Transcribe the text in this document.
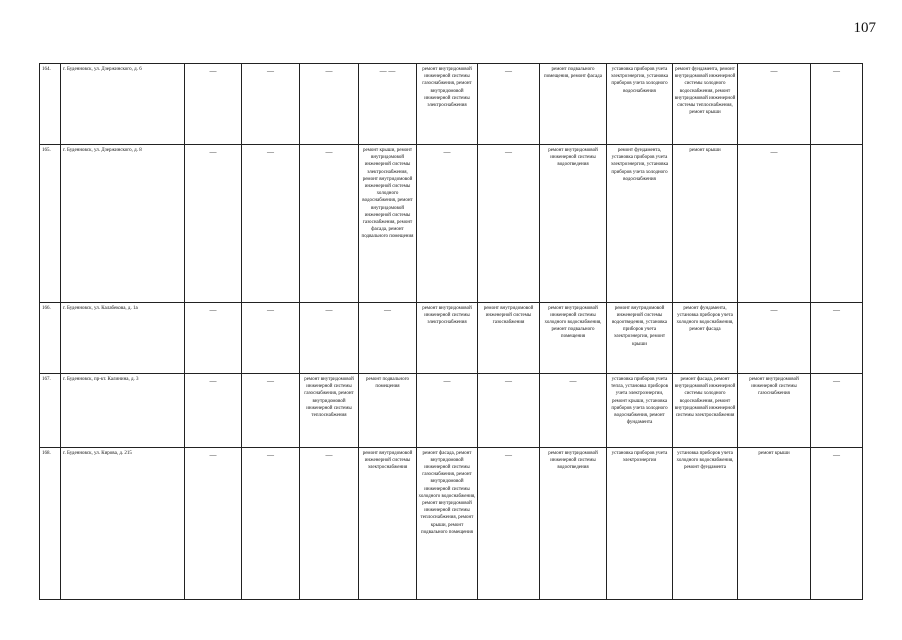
107
164.	г. Буденновск, ул. Дзержинского, д. 6	—	—	—	— —	ремонт внутридомовой инженерной системы газоснабжения, ремонт внутридомовой инженерной системы электроснабжения	—	ремонт подвального помещения, ремонт фасада	установка приборов учета электроэнергии, установка приборов учета холодного водоснабжения	ремонт фундамента, ремонт внутридомовой инженерной системы холодного водоснабжения, ремонт внутридомовой инженерной системы теплоснабжения, ремонт крыши	—	—

165.	г. Буденновск, ул. Дзержинского, д. 8	—	—	—	ремонт крыши, ремонт внутридомовой инженерной системы электроснабжения, ремонт внутридомовой инженерной системы холодного водоснабжения, ремонт внутридомовой инженерной системы газоснабжения, ремонт фасада, ремонт подвального помещения	—	—	ремонт внутридомовой инженерной системы водоотведения	ремонт фундамента, установка приборов учета электроэнергии, установка приборов учета холодного водоснабжения	ремонт крыши	—	

166.	г. Буденновск, ул. Калабекова, д. 1а	—	—	—	—	ремонт внутридомовой инженерной системы электроснабжения	ремонт внутридомовой инженерной системы газоснабжения	ремонт внутридомовой инженерной системы холодного водоснабжения, ремонт подвального помещения	ремонт внутридомовой инженерной системы водоотведения, установка приборов учета электроэнергии, ремонт крыши	ремонт фундамента, установка приборов учета холодного водоснабжения, ремонт фасада	—	—

167.	г. Буденновск, пр-кт. Калинина, д. 3	—	—	ремонт внутридомовой инженерной системы газоснабжения, ремонт внутридомовой инженерной системы теплоснабжения	ремонт подвального помещения	—	—	—	установка приборов учета тепла, установка приборов учета электроэнергии, ремонт крыши, установка приборов учета холодного водоснабжения, ремонт фундамента	ремонт фасада, ремонт внутридомовой инженерной системы холодного водоснабжения, ремонт внутридомовой инженерной системы электроснабжения	ремонт внутридомовой инженерной системы газоснабжения	—

168.	г. Буденновск, ул. Кирова, д. 215	—	—	—	ремонт внутридомовой инженерной системы электроснабжения	ремонт фасада, ремонт внутридомовой инженерной системы газоснабжения, ремонт внутридомовой инженерной системы холодного водоснабжения, ремонт внутридомовой инженерной системы теплоснабжения, ремонт крыши, ремонт подвального помещения	—	ремонт внутридомовой инженерной системы водоотведения	установка приборов учета электроэнергии	установка приборов учета холодного водоснабжения, ремонт фундамента	ремонт крыши	—
